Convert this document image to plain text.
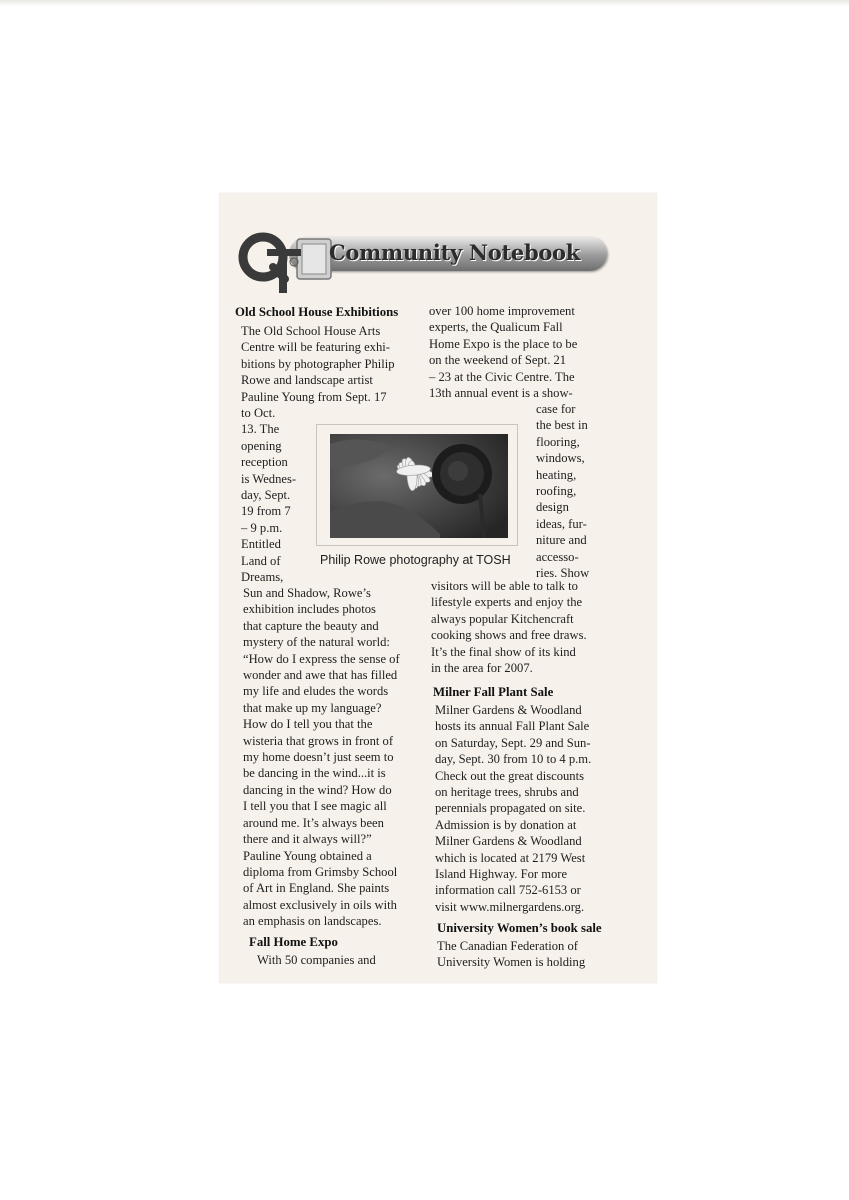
Community Notebook
Old School House Exhibitions
The Old School House Arts
Centre will be featuring exhi-
bitions by photographer Philip
Rowe and landscape artist
Pauline Young from Sept. 17
to Oct.
13. The
opening
reception
is Wednes-
day, Sept.
19 from 7
– 9 p.m.
Entitled
Land of
Dreams,
Sun and Shadow, Rowe’s
exhibition includes photos
that capture the beauty and
mystery of the natural world:
“How do I express the sense of
wonder and awe that has filled
my life and eludes the words
that make up my language?
How do I tell you that the
wisteria that grows in front of
my home doesn’t just seem to
be dancing in the wind...it is
dancing in the wind? How do
I tell you that I see magic all
around me. It’s always been
there and it always will?”
Pauline Young obtained a
diploma from Grimsby School
of Art in England. She paints
almost exclusively in oils with
an emphasis on landscapes.
Fall Home Expo
With 50 companies and
over 100 home improvement
experts, the Qualicum Fall
Home Expo is the place to be
on the weekend of Sept. 21
– 23 at the Civic Centre. The
13th annual event is a show-
case for
the best in
flooring,
windows,
heating,
roofing,
design
ideas, fur-
niture and
accesso-
ries. Show
visitors will be able to talk to
lifestyle experts and enjoy the
always popular Kitchencraft
cooking shows and free draws.
It’s the final show of its kind
in the area for 2007.
Milner Fall Plant Sale
Milner Gardens & Woodland
hosts its annual Fall Plant Sale
on Saturday, Sept. 29 and Sun-
day, Sept. 30 from 10 to 4 p.m.
Check out the great discounts
on heritage trees, shrubs and
perennials propagated on site.
Admission is by donation at
Milner Gardens & Woodland
which is located at 2179 West
Island Highway. For more
information call 752-6153 or
visit www.milnergardens.org.
University Women’s book sale
The Canadian Federation of
University Women is holding
Philip Rowe photography at TOSH
